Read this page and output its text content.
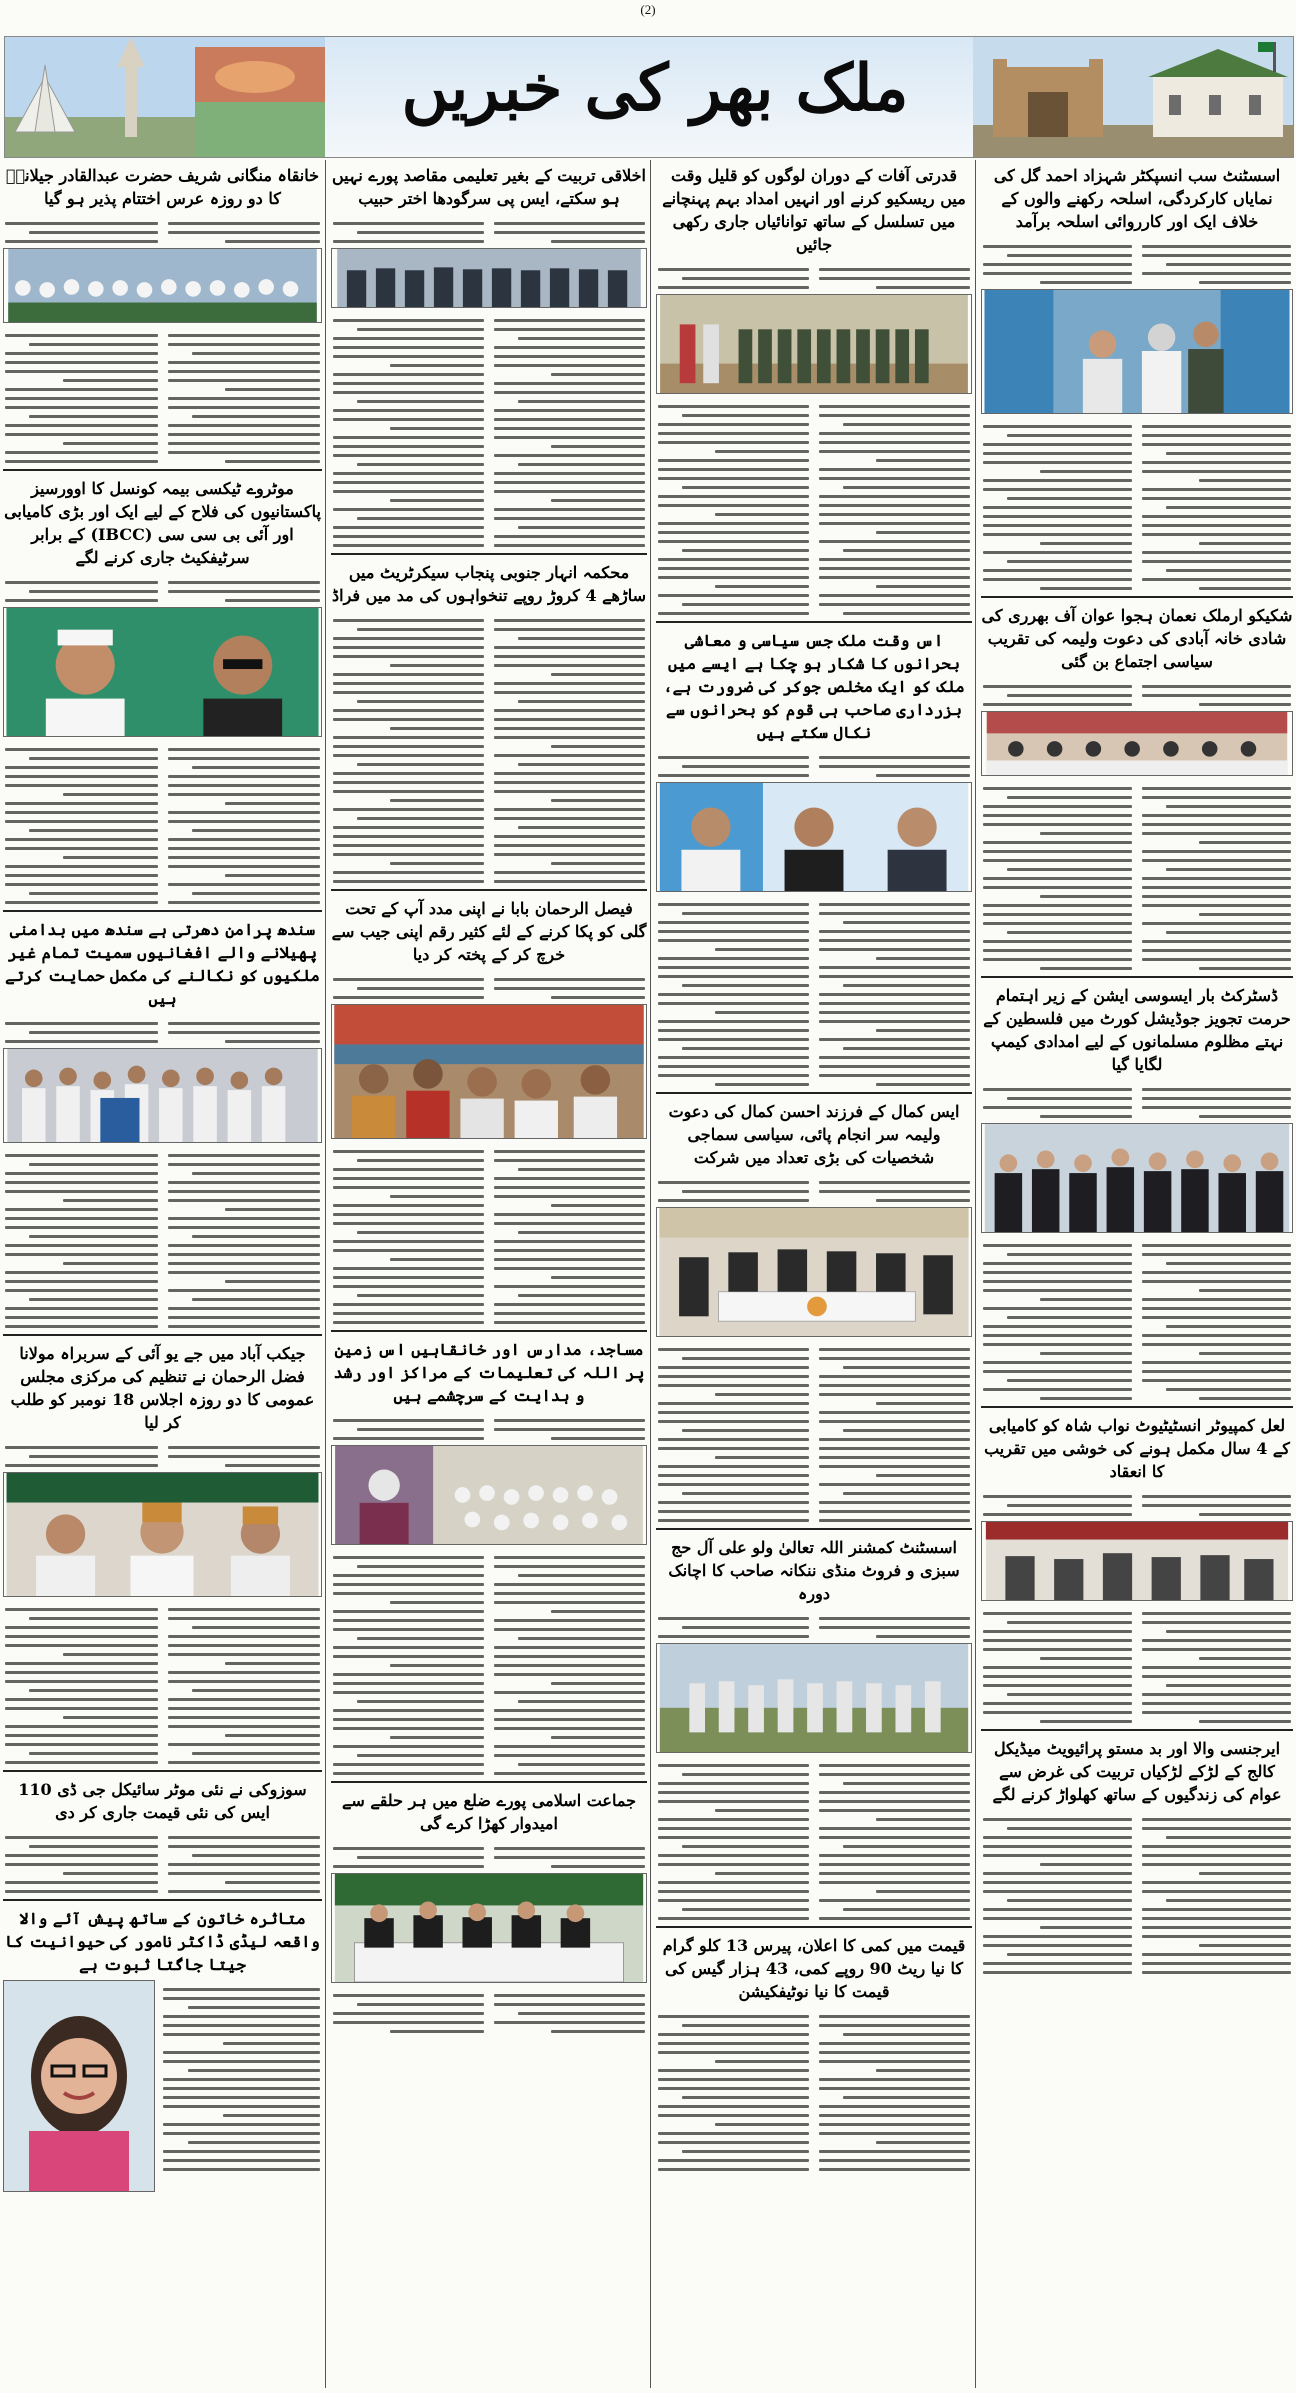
(2)
ملک بھر کی خبریں
اسسٹنٹ سب انسپکٹر شہزاد احمد گل کی نمایاں کارکردگی، اسلحہ رکھنے والوں کے خلاف ایک اور کارروائی اسلحہ برآمد
شکیکو ارملک نعمان ہجوا عوان آف بھرری کی شادی خانہ آبادی کی دعوت ولیمہ کی تقریب سیاسی اجتماع بن گئی
ڈسٹرکٹ بار ایسوسی ایشن کے زیر اہتمام حرمت تجویز جوڈیشل کورٹ میں فلسطین کے نہتے مظلوم مسلمانوں کے لیے امدادی کیمپ لگایا گیا
لعل کمپیوٹر انسٹیٹیوٹ نواب شاہ کو کامیابی کے 4 سال مکمل ہونے کی خوشی میں تقریب کا انعقاد
ایرجنسی والا اور بد مستو پرائیویٹ میڈیکل کالج کے لڑکے لڑکیاں تربیت کی غرض سے عوام کی زندگیوں کے ساتھ کھلواڑ کرنے لگے
قدرتی آفات کے دوران لوگوں کو قلیل وقت میں ریسکیو کرنے اور انہیں امداد بہم پہنچانے میں تسلسل کے ساتھ توانائیاں جاری رکھی جائیں
اس وقت ملک جس سیاسی و معاشی بحرانوں کا شکار ہو چکا ہے ایسے میں ملک کو ایک مخلص جوکر کی ضرورت ہے، بزرداری صاحب ہی قوم کو بحرانوں سے نکال سکتے ہیں
ایس کمال کے فرزند احسن کمال کی دعوت ولیمہ سر انجام پائی، سیاسی سماجی شخصیات کی بڑی تعداد میں شرکت
اسسٹنٹ کمشنر اللہ تعالیٰ ولو علی آل حج سبزی و فروٹ منڈی ننکانہ صاحب کا اچانک دورہ
قیمت میں کمی کا اعلان، پیرس 13 کلو گرام کا نیا ریٹ 90 روپے کمی، 43 ہزار گیس کی قیمت کا نیا نوٹیفکیشن
اخلاقی تربیت کے بغیر تعلیمی مقاصد پورے نہیں ہو سکتے، ایس پی سرگودھا اختر حبیب
محکمہ انہار جنوبی پنجاب سیکرٹریٹ میں ساڑھے 4 کروڑ روپے تنخواہوں کی مد میں فراڈ
فیصل الرحمان بابا نے اپنی مدد آپ کے تحت گلی کو پکا کرنے کے لئے کثیر رقم اپنی جیب سے خرچ کر کے پختہ کر دیا
مساجد، مدارس اور خانقاہیں اس زمین پر اللہ کی تعلیمات کے مراکز اور رشد و ہدایت کے سرچشمے ہیں
جماعت اسلامی پورے ضلع میں ہر حلقے سے امیدوار کھڑا کرے گی
خانقاہ منگانی شریف حضرت عبدالقادر جیلانیؒ کا دو روزہ عرس اختتام پذیر ہو گیا
موٹروے ٹیکسی بیمہ کونسل کا اوورسیز پاکستانیوں کی فلاح کے لیے ایک اور بڑی کامیابی اور آئی بی سی سی (IBCC) کے برابر سرٹیفکیٹ جاری کرنے لگے
سندھ پرامن دھرتی ہے سندھ میں بدامنی پھیلانے والے افغانیوں سمیت تمام غیر ملکیوں کو نکالنے کی مکمل حمایت کرتے ہیں
جیکب آباد میں جے یو آئی کے سربراہ مولانا فضل الرحمان نے تنظیم کی مرکزی مجلس عمومی کا دو روزہ اجلاس 18 نومبر کو طلب کر لیا
سوزوکی نے نئی موٹر سائیکل جی ڈی 110 ایس کی نئی قیمت جاری کر دی
متاثرہ خاتون کے ساتھ پیش آئے والا واقعہ لیڈی ڈاکٹر نامور کی حیوانیت کا جیتا جاگتا ثبوت ہے
